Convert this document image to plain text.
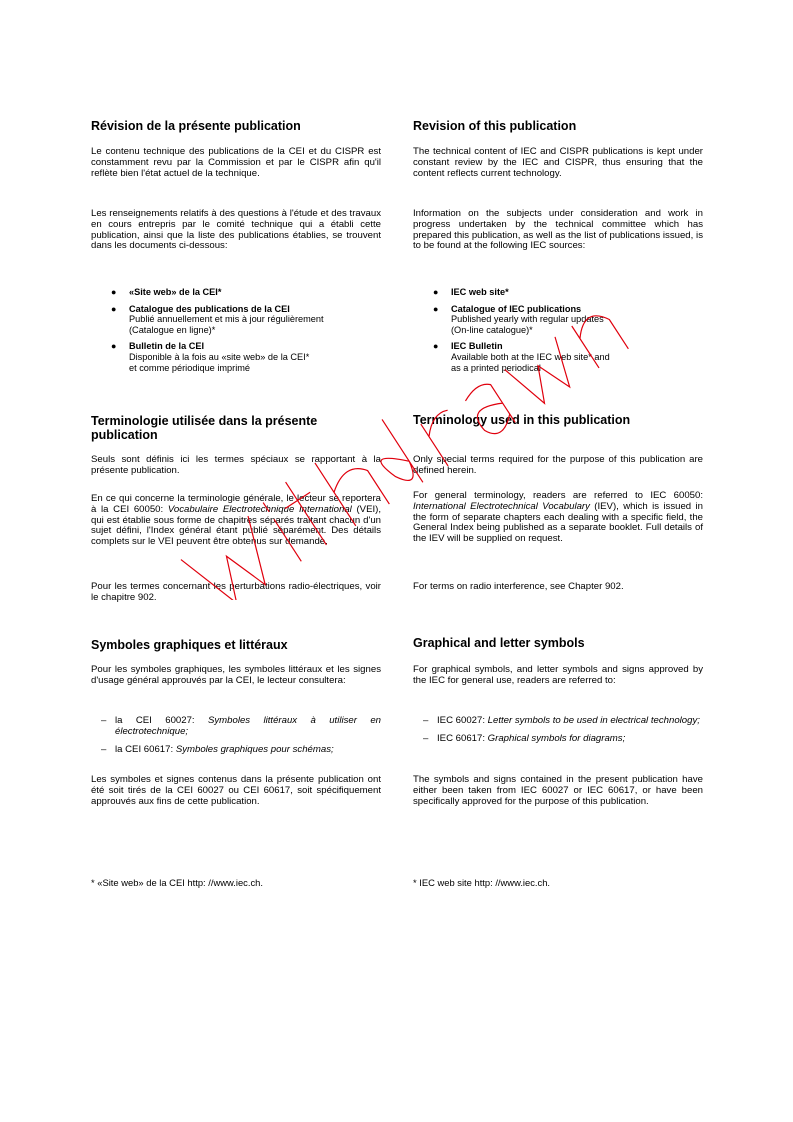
Révision de la présente publication

Le contenu technique des publications de la CEI et du CISPR est constamment revu par la Commission et par le CISPR afin qu'il reflète bien l'état actuel de la technique.

Les renseignements relatifs à des questions à l'étude et des travaux en cours entrepris par le comité technique qui a établi cette publication, ainsi que la liste des publications établies, se trouvent dans les documents ci-dessous:

● «Site web» de la CEI*
● Catalogue des publications de la CEI
Publié annuellement et mis à jour régulièrement
(Catalogue en ligne)*
● Bulletin de la CEI
Disponible à la fois au «site web» de la CEI*
et comme périodique imprimé
Terminologie utilisée dans la présente publication

Seuls sont définis ici les termes spéciaux se rapportant à la présente publication.

En ce qui concerne la terminologie générale, le lecteur se reportera à la CEI 60050: Vocabulaire Electrotechnique International (VEI), qui est établie sous forme de chapitres séparés traitant chacun d'un sujet défini, l'Index général étant publié séparément. Des détails complets sur le VEI peuvent être obtenus sur demande.

Pour les termes concernant les perturbations radio-électriques, voir le chapitre 902.

Symboles graphiques et littéraux

Pour les symboles graphiques, les symboles littéraux et les signes d'usage général approuvés par la CEI, le lecteur consultera:

– la CEI 60027: Symboles littéraux à utiliser en électrotechnique;
– la CEI 60617: Symboles graphiques pour schémas;

Les symboles et signes contenus dans la présente publication ont été soit tirés de la CEI 60027 ou CEI 60617, soit spécifiquement approuvés aux fins de cette publication.

* «Site web» de la CEI http: //www.iec.ch.
Revision of this publication

The technical content of IEC and CISPR publications is kept under constant review by the IEC and CISPR, thus ensuring that the content reflects current technology.

Information on the subjects under consideration and work in progress undertaken by the technical committee which has prepared this publication, as well as the list of publications issued, is to be found at the following IEC sources:

● IEC web site*
● Catalogue of IEC publications
Published yearly with regular updates
(On-line catalogue)*
● IEC Bulletin
Available both at the IEC web site* and
as a printed periodical
Terminology used in this publication

Only special terms required for the purpose of this publication are defined herein.

For general terminology, readers are referred to IEC 60050: International Electrotechnical Vocabulary (IEV), which is issued in the form of separate chapters each dealing with a specific field, the General Index being published as a separate booklet. Full details of the IEV will be supplied on request.

For terms on radio interference, see Chapter 902.

Graphical and letter symbols

For graphical symbols, and letter symbols and signs approved by the IEC for general use, readers are referred to:

– IEC 60027: Letter symbols to be used in electrical technology;
– IEC 60617: Graphical symbols for diagrams;

The symbols and signs contained in the present publication have either been taken from IEC 60027 or IEC 60617, or have been specifically approved for the purpose of this publication.

* IEC web site http: //www.iec.ch.
